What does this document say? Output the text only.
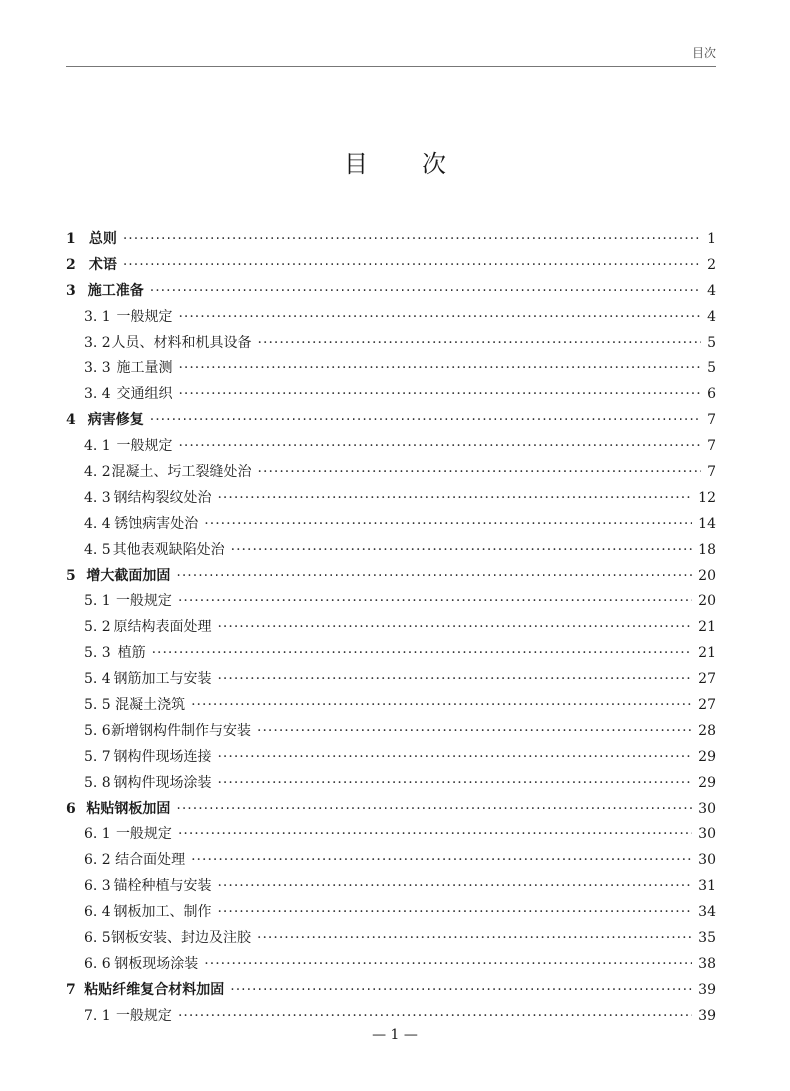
目次
目次
1 总则 ·····	1
2 术语 ·····	2
3 施工准备 ·····	4
3. 1 一般规定 ·····	4
3. 2 人员、材料和机具设备 ·····	5
3. 3 施工量测 ·····	5
3. 4 交通组织 ·····	6
4 病害修复 ·····	7
4. 1 一般规定 ·····	7
4. 2 混凝土、圬工裂缝处治 ·····	7
4. 3 钢结构裂纹处治 ·····	12
4. 4 锈蚀病害处治 ·····	14
4. 5 其他表观缺陷处治 ·····	18
5 增大截面加固 ·····	20
5. 1 一般规定 ·····	20
5. 2 原结构表面处理 ·····	21
5. 3 植筋 ·····	21
5. 4 钢筋加工与安装 ·····	27
5. 5 混凝土浇筑 ·····	27
5. 6 新增钢构件制作与安装 ·····	28
5. 7 钢构件现场连接 ·····	29
5. 8 钢构件现场涂装 ·····	29
6 粘贴钢板加固 ·····	30
6. 1 一般规定 ·····	30
6. 2 结合面处理 ·····	30
6. 3 锚栓种植与安装 ·····	31
6. 4 钢板加工、制作 ·····	34
6. 5 钢板安装、封边及注胶 ·····	35
6. 6 钢板现场涂装 ·····	38
7 粘贴纤维复合材料加固 ·····	39
7. 1 一般规定 ·····	39
— 1 —
